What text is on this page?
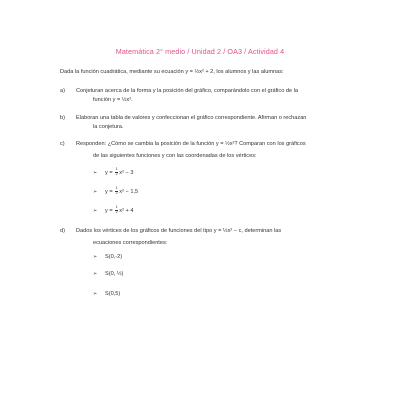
Matemática 2° medio / Unidad 2 / OA3 / Actividad 4
Dada la función cuadrática, mediante su ecuación y = ½x² + 2, los alumnos y las alumnas:
a) Conjeturan acerca de la forma y la posición del gráfico, comparándolo con el gráfico de la
función y = ½x².
b) Elaboran una tabla de valores y confeccionan el gráfico correspondiente. Afirman o rechazan
la conjetura.
c) Responden: ¿Cómo se cambia la posición de la función y = ½x²? Comparan con los gráficos
de las siguientes funciones y con las coordenadas de los vértices:
➢ $y = \frac{1}{2} x^2 - 3$
➢ $y = \frac{1}{2} x^2 - 1,5$
➢ $y = \frac{1}{2} x^2 + 4$
d) Dados los vértices de los gráficos de funciones del tipo y = ½x² − c, determinan las
ecuaciones correspondientes:
➢ S(0,-2)
➢ S(0, ½)
➢ S(0,5)
